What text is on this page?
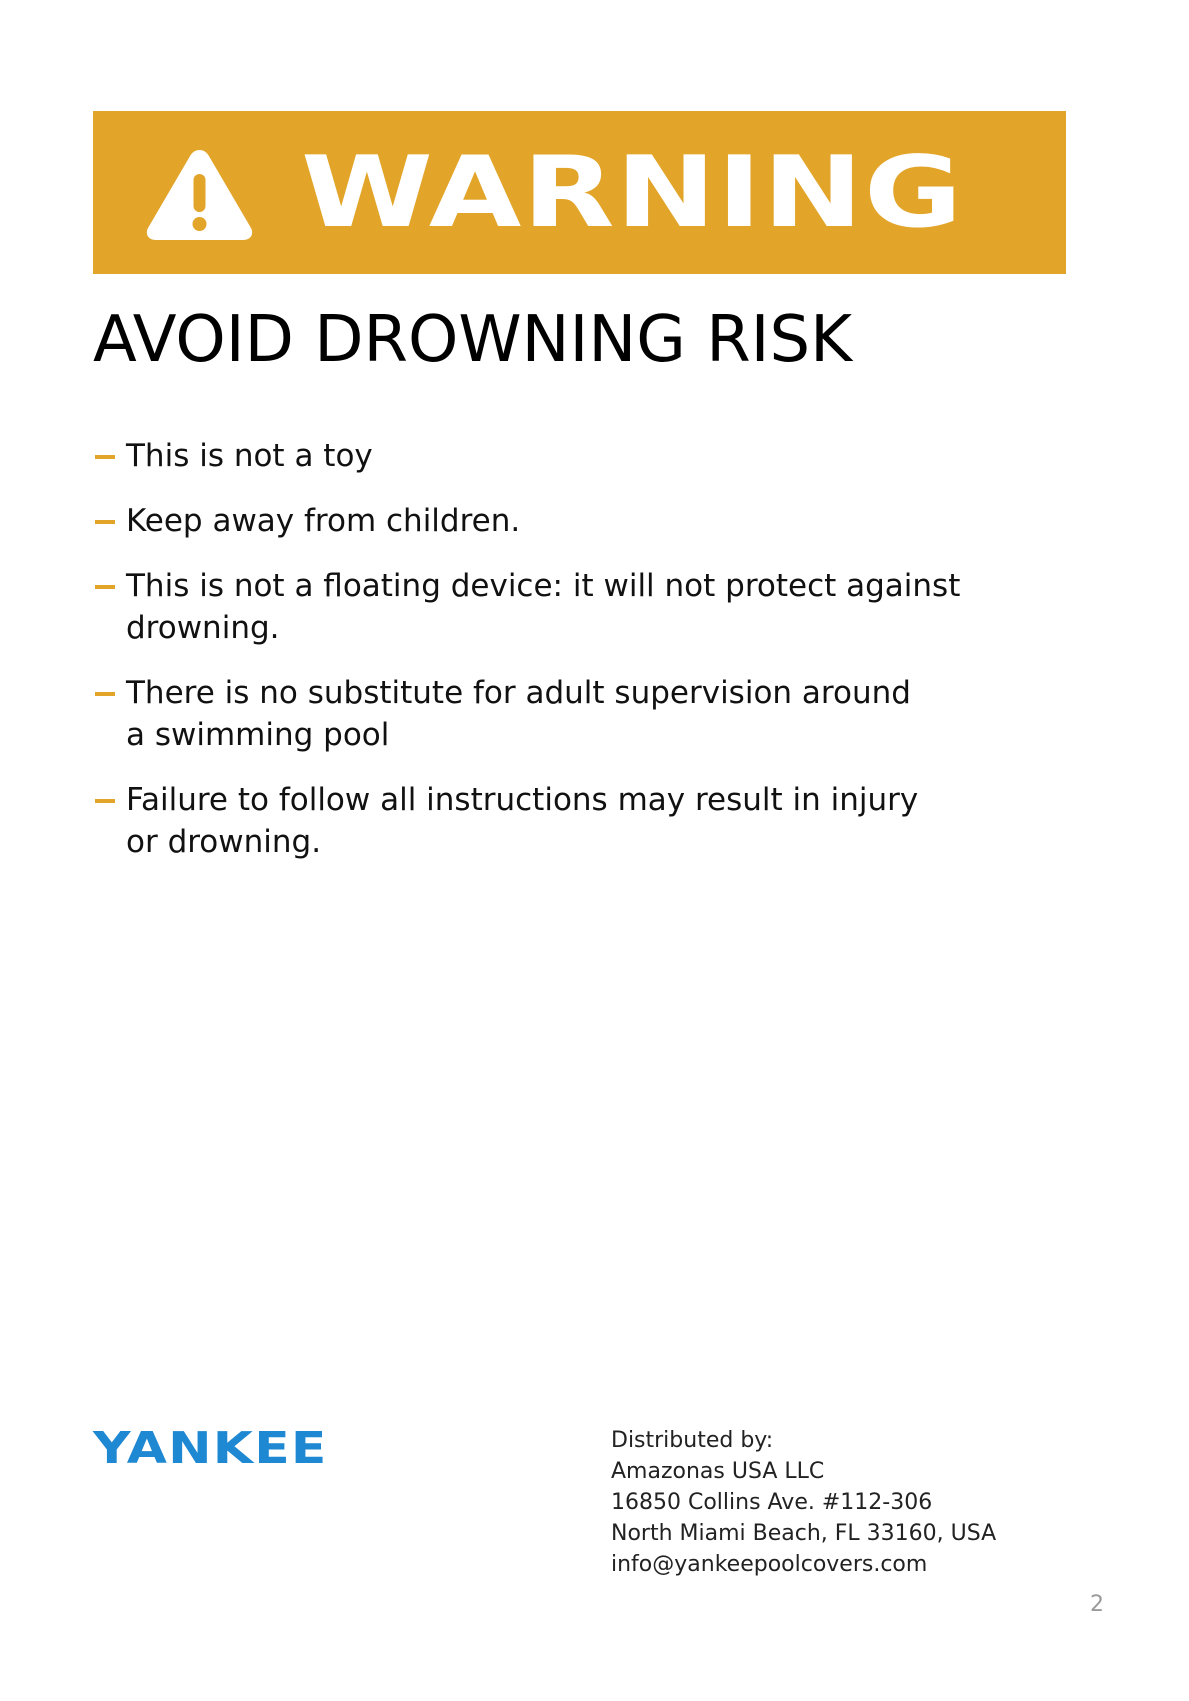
WARNING
AVOID DROWNING RISK
This is not a toy
Keep away from children.
This is not a floating device: it will not protect against
drowning.
There is no substitute for adult supervision around
a swimming pool
Failure to follow all instructions may result in injury
or drowning.
YANKEE	Distributed by:
Amazonas USA LLC
16850 Collins Ave. #112-306
North Miami Beach, FL 33160, USA
info@yankeepoolcovers.com
2
